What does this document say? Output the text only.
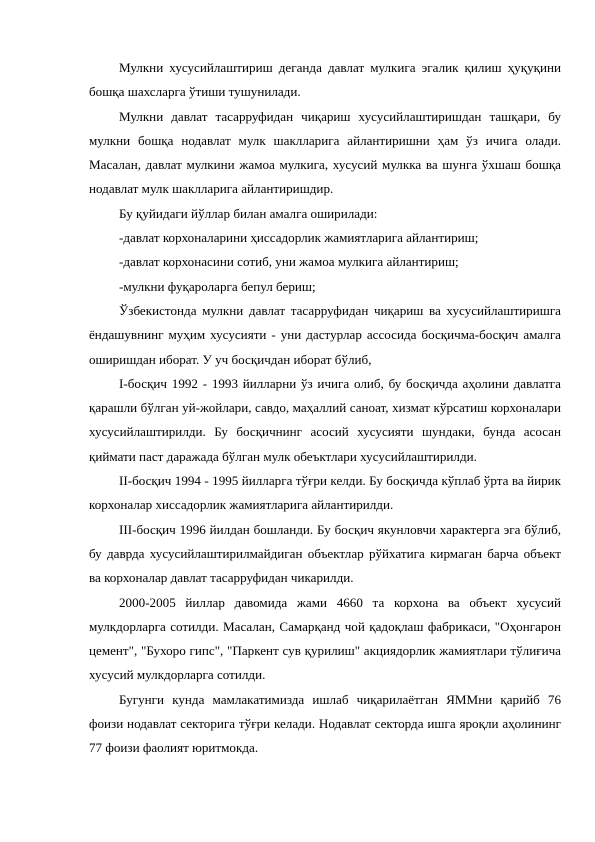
Мулкни хусусийлаштириш деганда давлат мулкига эгалик қилиш ҳуқуқини бошқа шахсларга ўтиши тушунилади.

Мулкни давлат тасарруфидан чиқариш хусусийлаштиришдан ташқари, бу мулкни бошқа нодавлат мулк шаклларига айлантиришни ҳам ўз ичига олади. Масалан, давлат мулкини жамоа мулкига, хусусий мулкка ва шунга ўхшаш бошқа нодавлат мулк шаклларига айлантиришдир.

Бу қуйидаги йўллар билан амалга оширилади:

-давлат корхоналарини ҳиссадорлик жамиятларига айлантириш;
-давлат корхонасини сотиб, уни жамоа мулкига айлантириш;
-мулкни фуқароларга бепул бериш;

Ўзбекистонда мулкни давлат тасарруфидан чиқариш ва хусусийлаштиришга ёндашувнинг муҳим хусусияти - уни дастурлар ассосида босқичма-босқич амалга оширишдан иборат. У уч босқичдан иборат бўлиб,

I-босқич 1992 - 1993 йилларни ўз ичига олиб, бу босқичда аҳолини давлатга қарашли бўлган уй-жойлари, савдо, маҳаллий саноат, хизмат кўрсатиш корхоналари хусусийлаштирилди. Бу босқичнинг асосий хусусияти шундаки, бунда асосан қиймати паст даражада бўлган мулк обеъктлари хусусийлаштирилди.

II-босқич 1994 - 1995 йилларга тўғри келди. Бу босқичда кўплаб ўрта ва йирик корхоналар хиссадорлик жамиятларига айлантирилди.

III-босқич 1996 йилдан бошланди. Бу босқич якунловчи характерга эга бўлиб, бу даврда хусусийлаштирилмайдиган объектлар рўйхатига кирмаган барча объект ва корхоналар давлат тасарруфидан чикарилди.

2000-2005 йиллар давомида жами 4660 та корхона ва объект хусусий мулкдорларга сотилди. Масалан, Самарқанд чой қадоқлаш фабрикаси, "Оҳонгарон цемент", "Бухоро гипс", "Паркент сув қурилиш" акциядорлик жамиятлари тўлиғича хусусий мулкдорларга сотилди.

Бугунги кунда мамлакатимизда ишлаб чиқарилаётган ЯММни қарийб 76 фоизи нодавлат секторига тўғри келади. Нодавлат секторда ишга яроқли аҳолининг 77 фоизи фаолият юритмокда.
